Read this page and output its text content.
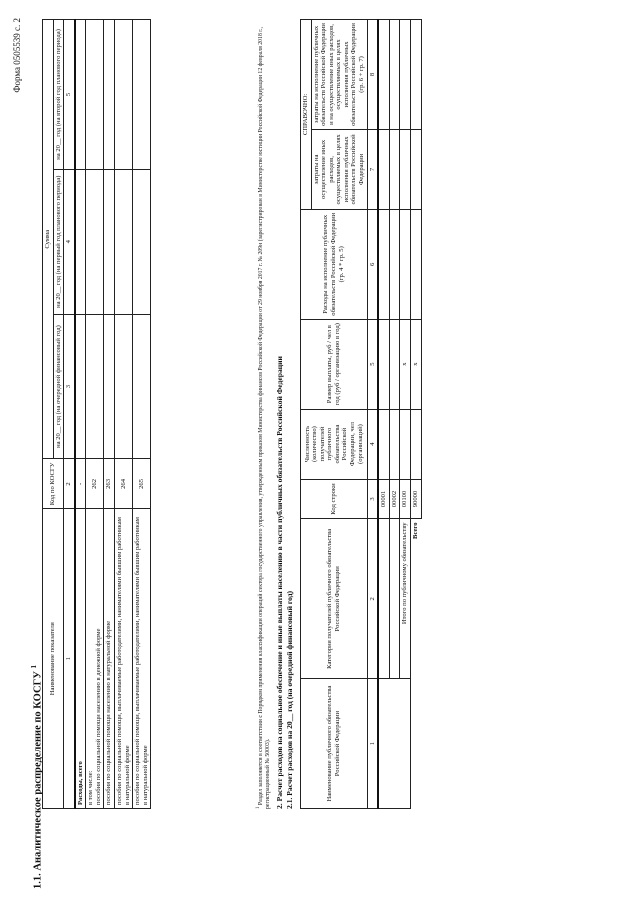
Форма 0505539 с. 2
1.1. Аналитическое распределение по КОСГУ $^1$	Наименование показателя	Код по КОСГУ	Сумма		
		на 20__ год (на очередной финансовый год)	на 20__ год (на первый год планового периода)	на 20__ год (на второй год планового периода)
1	2	3	4	5
Расходы, всего	-			

в том числе: пособия по социальной помощи населению в денежной форме	262			
пособия по социальной помощи населению в натуральной форме	263			
пособия по социальной помощи, выплачиваемые работодателями, нанимателями бывшим работникам в натуральной форме	264			
пособия по социальной помощи, выплачиваемые работодателями, нанимателями бывшим работникам в натуральной форме	265			
$^1$ Раздел заполняется в соответствии с Порядком применения классификации операций сектора государственного управления, утвержденным приказом Министерства финансов Российской Федерации от 29 ноября 2017 г. № 209н (зарегистрирован в Министерстве юстиции Российской Федерации 12 февраля 2018 г., регистрационный № 50003). 2. Расчет расходов на социальное обеспечение и иные выплаты населению в части публичных обязательств Российской Федерации 2.1. Расчет расходов на 20__ год (на очередной финансовый год)	Наименование публичного обязательства Российской Федерации	Категория получателей публичного обязательства Российской Федерации	Код строки	Численность (количество) получателей публичного обязательства Российской Федерации, чел (организаций)	Размер выплаты, руб / чел в год (руб / организацию в год)	Расходы на исполнение публичных обязательств Российской Федерации (гр. 4 * гр. 5)	СПРАВОЧНО:	
						затраты на осуществление иных расходов, осуществляемых в целях исполнения публичных обязательств Российской Федерации	затраты на исполнение публичных обязательств Российской Федерации и на осуществление иных расходов, осуществляемых в целях исполнения публичных обязательств Российской Федерации (гр. 6 + гр. 7)
1	2	3	4	5	6	7	8
		00001					
		00002					
	Итого по публичному обязательству	00100		x			
	Всего	90000		x			
